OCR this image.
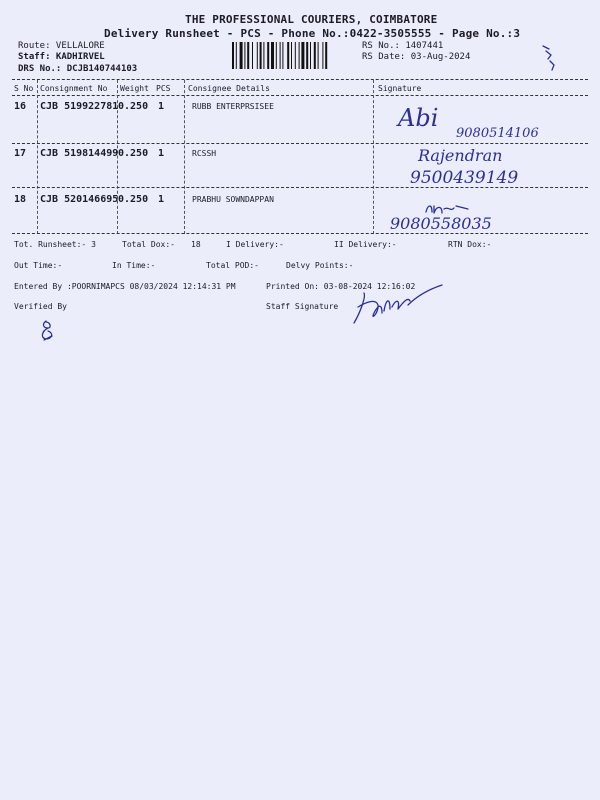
THE PROFESSIONAL COURIERS, COIMBATORE
Delivery Runsheet - PCS - Phone No.:0422-3505555 - Page No.:3
Route: VELLALORE
Staff: KADHIRVEL
DRS No.: DCJB140744103
RS No.: 1407441
RS Date: 03-Aug-2024
S No Consignment No Weight PCS Consignee Details	Signature
16 CJB 519922781 0.250 1	RUBB ENTERPRSISEE	Abi
9080514106
17 CJB 519814499 0.250 1	RCSSH	Rajendran
9500439149
18 CJB 520146695 0.250 1	PRABHU SOWNDAPPAN
9080558035
Tot. Runsheet:- 3	Total Dox:- 18	I Delivery:-	II Delivery:-	RTN Dox:-
Out Time:-	In Time:-	Total POD:-	Delvy Points:-
Entered By :POORNIMAPCS 08/03/2024 12:14:31 PM	Printed On: 03-08-2024 12:16:02
Verified By	Staff Signature
